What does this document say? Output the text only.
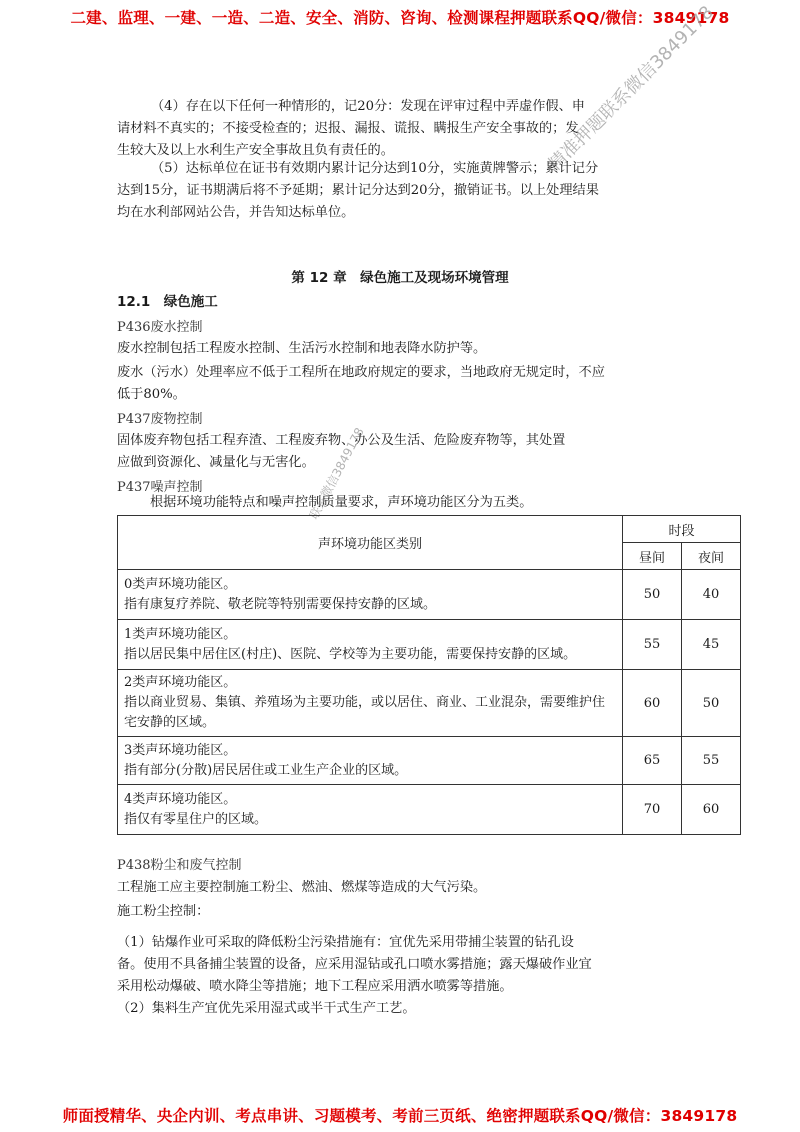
二建、监理、一建、一造、二造、安全、消防、咨询、检测课程押题联系QQ/微信：3849178
精准押题联系微信3849178
联系微信3849178

（4）存在以下任何一种情形的，记20分：发现在评审过程中弄虚作假、申请材料不真实的；不接受检查的；迟报、漏报、谎报、瞒报生产安全事故的；发生较大及以上水利生产安全事故且负有责任的。

（5）达标单位在证书有效期内累计记分达到10分，实施黄牌警示；累计记分达到15分，证书期满后将不予延期；累计记分达到20分，撤销证书。以上处理结果均在水利部网站公告，并告知达标单位。

第 12 章　绿色施工及现场环境管理
12.1　绿色施工
P436废水控制

废水控制包括工程废水控制、生活污水控制和地表降水防护等。

废水（污水）处理率应不低于工程所在地政府规定的要求，当地政府无规定时，不应低于80%。

P437废物控制

固体废弃物包括工程弃渣、工程废弃物、办公及生活、危险废弃物等，其处置应做到资源化、减量化与无害化。

P437噪声控制

根据环境功能特点和噪声控制质量要求，声环境功能区分为五类。

声环境功能区类别	时段	
	昼间	夜间

0类声环境功能区。
指有康复疗养院、敬老院等特别需要保持安静的区域。	50	40

1类声环境功能区。
指以居民集中居住区(村庄)、医院、学校等为主要功能，需要保持安静的区域。	55	45

2类声环境功能区。
指以商业贸易、集镇、养殖场为主要功能，或以居住、商业、工业混杂，需要维护住宅安静的区域。	60	50

3类声环境功能区。
指有部分(分散)居民居住或工业生产企业的区域。	65	55

4类声环境功能区。
指仅有零星住户的区域。	70	60
P438粉尘和废气控制

工程施工应主要控制施工粉尘、燃油、燃煤等造成的大气污染。

施工粉尘控制：

（1）钻爆作业可采取的降低粉尘污染措施有：宜优先采用带捕尘装置的钻孔设备。使用不具备捕尘装置的设备，应采用湿钻或孔口喷水雾措施；露天爆破作业宜采用松动爆破、喷水降尘等措施；地下工程应采用洒水喷雾等措施。

（2）集料生产宜优先采用湿式或半干式生产工艺。

师面授精华、央企内训、考点串讲、习题模考、考前三页纸、绝密押题联系QQ/微信：3849178
